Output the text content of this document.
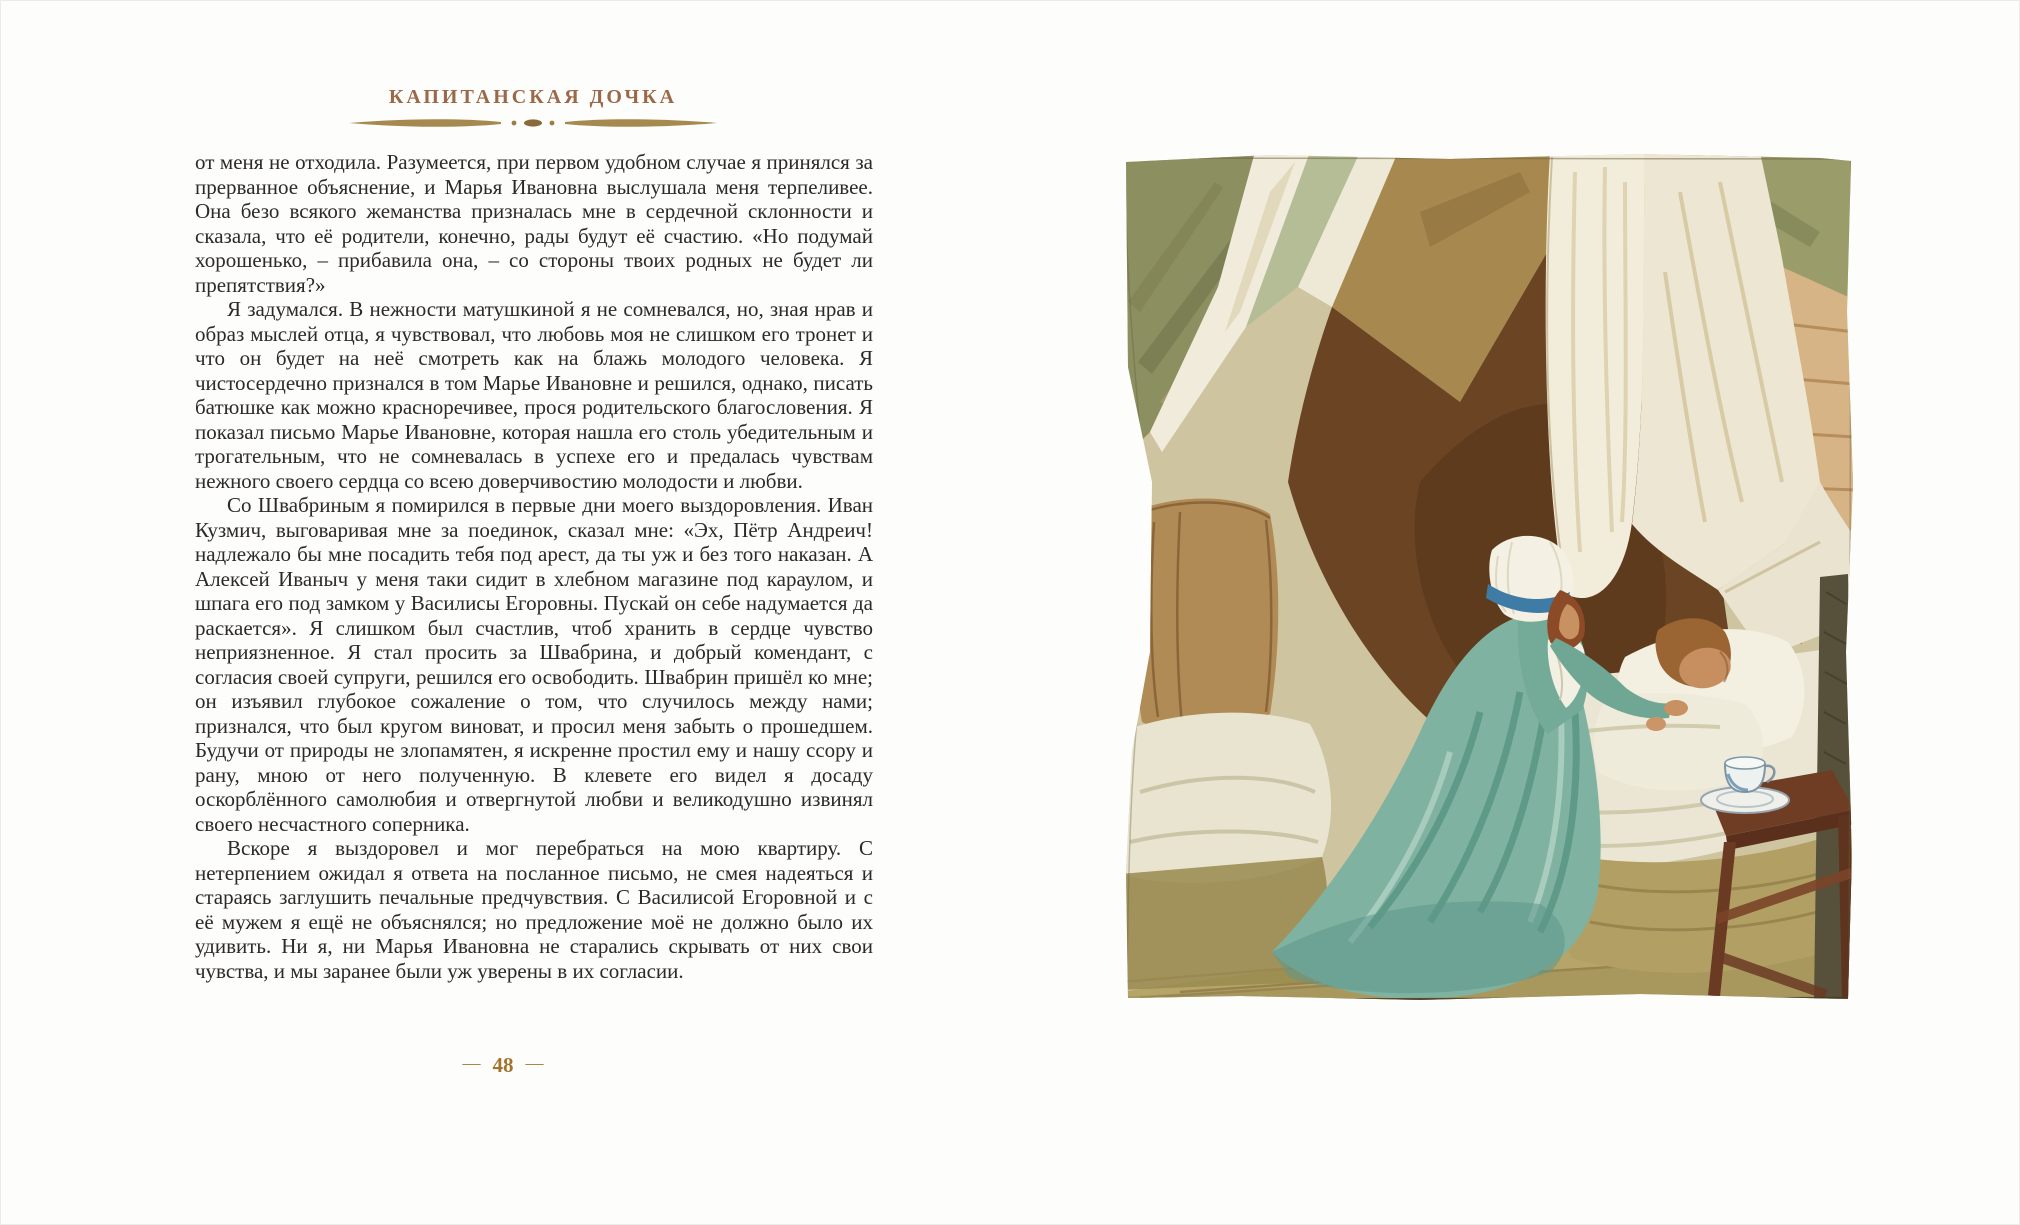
КАПИТАНСКАЯ ДОЧКА

от меня не отходила. Разумеется, при первом удобном случае я принялся за прерванное объяснение, и Марья Ивановна выслушала меня терпеливее. Она безо всякого жеманства призналась мне в сердечной склонности и сказала, что её родители, конечно, рады будут её счастию. «Но подумай хорошенько, – прибавила она, – со стороны твоих родных не будет ли препятствия?»

Я задумался. В нежности матушкиной я не сомневался, но, зная нрав и образ мыслей отца, я чувствовал, что любовь моя не слишком его тронет и что он будет на неё смотреть как на блажь молодого человека. Я чистосердечно признался в том Марье Ивановне и решился, однако, писать батюшке как можно красноречивее, прося родительского благословения. Я показал письмо Марье Ивановне, которая нашла его столь убедительным и трогательным, что не сомневалась в успехе его и предалась чувствам нежного своего сердца со всею доверчивостию молодости и любви.

Со Швабриным я помирился в первые дни моего выздоровления. Иван Кузмич, выговаривая мне за поединок, сказал мне: «Эх, Пётр Андреич! надлежало бы мне посадить тебя под арест, да ты уж и без того наказан. А Алексей Иваныч у меня таки сидит в хлебном магазине под караулом, и шпага его под замком у Василисы Егоровны. Пускай он себе надумается да раскается». Я слишком был счастлив, чтоб хранить в сердце чувство неприязненное. Я стал просить за Швабрина, и добрый комендант, с согласия своей супруги, решился его освободить. Швабрин пришёл ко мне; он изъявил глубокое сожаление о том, что случилось между нами; признался, что был кругом виноват, и просил меня забыть о прошедшем. Будучи от природы не злопамятен, я искренне простил ему и нашу ссору и рану, мною от него полученную. В клевете его видел я досаду оскорблённого самолюбия и отвергнутой любви и великодушно извинял своего несчастного соперника.

Вскоре я выздоровел и мог перебраться на мою квартиру. С нетерпением ожидал я ответа на посланное письмо, не смея надеяться и стараясь заглушить печальные предчувствия. С Василисой Егоровной и с её мужем я ещё не объяснялся; но предложение моё не должно было их удивить. Ни я, ни Марья Ивановна не старались скрывать от них свои чувства, и мы заранее были уж уверены в их согласии.

— 48 —
